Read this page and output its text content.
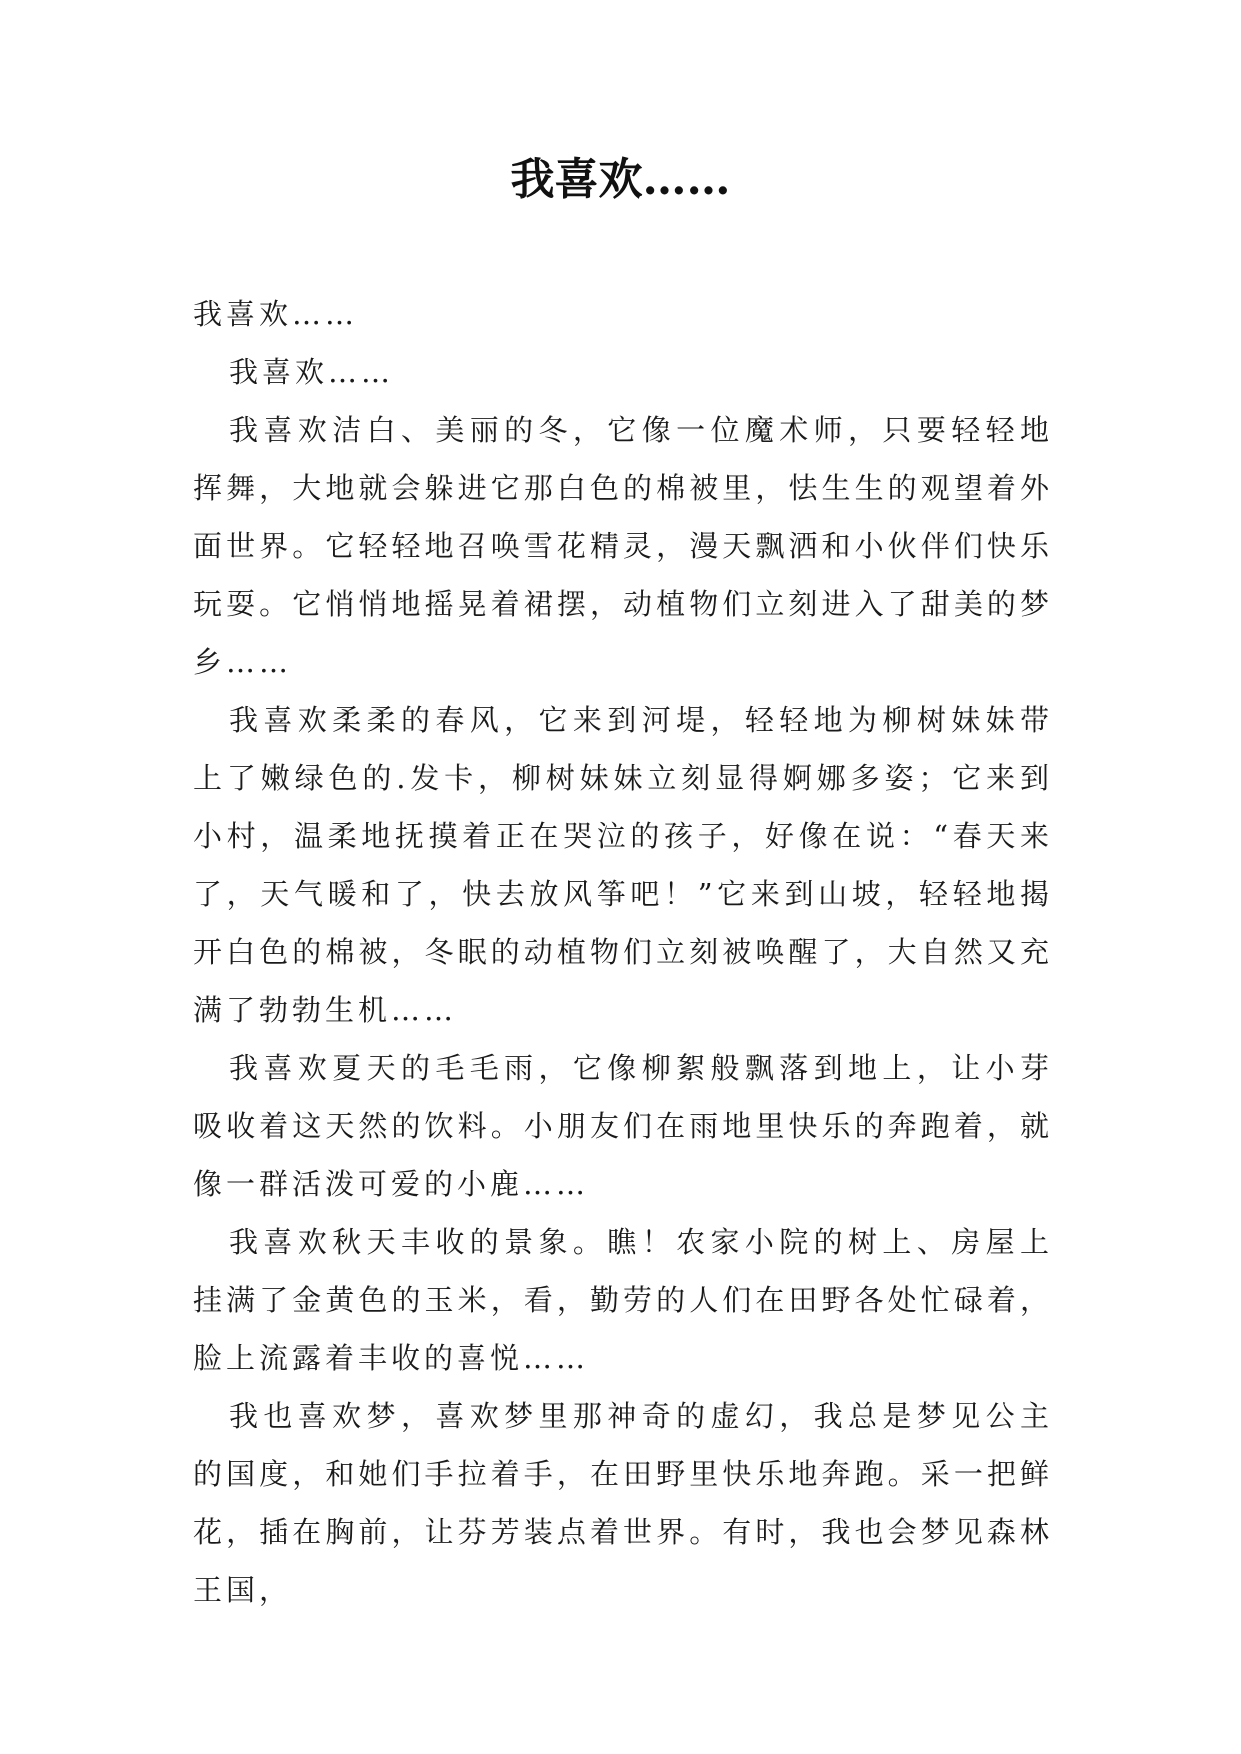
我喜欢……

我喜欢……

我喜欢……

我喜欢洁白、美丽的冬，它像一位魔术师，只要轻轻地挥舞，大地就会躲进它那白色的棉被里，怯生生的观望着外面世界。它轻轻地召唤雪花精灵，漫天飘洒和小伙伴们快乐玩耍。它悄悄地摇晃着裙摆，动植物们立刻进入了甜美的梦乡……

我喜欢柔柔的春风，它来到河堤，轻轻地为柳树妹妹带上了嫩绿色的.发卡，柳树妹妹立刻显得婀娜多姿；它来到小村，温柔地抚摸着正在哭泣的孩子，好像在说：“春天来了，天气暖和了，快去放风筝吧！”它来到山坡，轻轻地揭开白色的棉被，冬眠的动植物们立刻被唤醒了，大自然又充满了勃勃生机……

我喜欢夏天的毛毛雨，它像柳絮般飘落到地上，让小芽吸收着这天然的饮料。小朋友们在雨地里快乐的奔跑着，就像一群活泼可爱的小鹿……

我喜欢秋天丰收的景象。瞧！农家小院的树上、房屋上挂满了金黄色的玉米，看，勤劳的人们在田野各处忙碌着，脸上流露着丰收的喜悦……

我也喜欢梦，喜欢梦里那神奇的虚幻，我总是梦见公主的国度，和她们手拉着手，在田野里快乐地奔跑。采一把鲜花，插在胸前，让芬芳装点着世界。有时，我也会梦见森林王国，
